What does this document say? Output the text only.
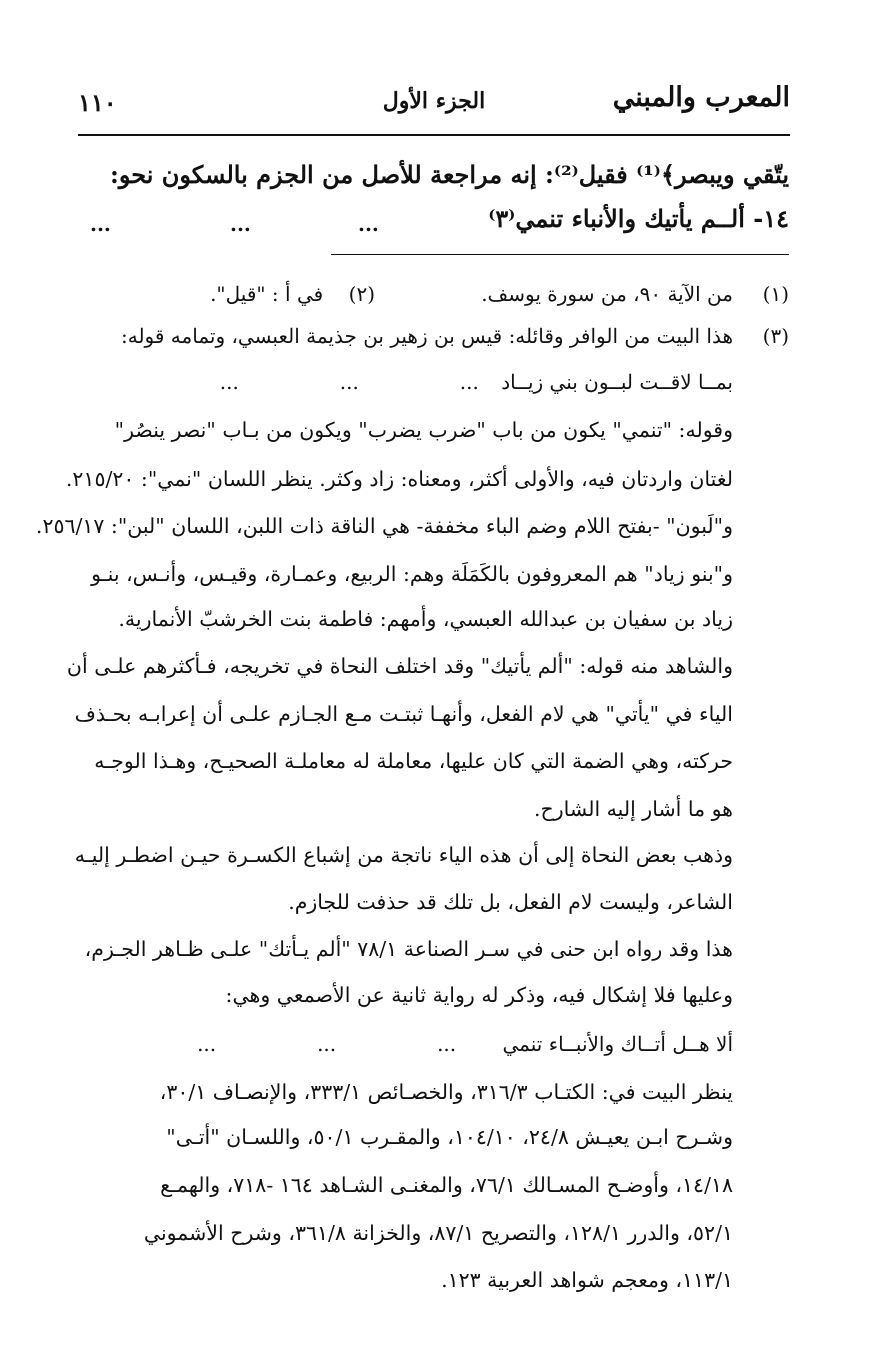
المعرب والمبني
الجزء الأول
١١٠
يتّقي ويبصر﴾⁽¹⁾ فقيل⁽²⁾: إنه مراجعة للأصل من الجزم بالسكون نحو:
١٤- ألــم يأتيك والأنباء تنمي⁽٣⁾
...	...	...
(١)
من الآية ٩٠، من سورة يوسف.
(٢)    في أ : "قيل".
(٣)
هذا البيت من الوافر وقائله: قيس بن زهير بن جذيمة العبسي، وتمامه قوله:
بمــا لاقــت لبــون بني زيــاد ...	...	...
وقوله: "تنمي" يكون من باب "ضرب يضرب" ويكون من بـاب "نصر ينصُر"
لغتان واردتان فيه، والأولى أكثر، ومعناه: زاد وكثر. ينظر اللسان "نمي": ٢١٥/٢٠.
و"لَبون" -بفتح اللام وضم الباء مخففة- هي الناقة ذات اللبن، اللسان "لبن": ٢٥٦/١٧.
و"بنو زياد" هم المعروفون بالكَمَلَة وهم: الربيع، وعمـارة، وقيـس، وأنـس، بنـو
زياد بن سفيان بن عبدالله العبسي، وأمهم: فاطمة بنت الخرشبّ الأنمارية.
والشاهد منه قوله: "ألم يأتيك" وقد اختلف النحاة في تخريجه، فـأكثرهم علـى أن
الياء في "يأتي" هي لام الفعل، وأنهـا ثبتـت مـع الجـازم علـى أن إعرابـه بحـذف
حركته، وهي الضمة التي كان عليها، معاملة له معاملـة الصحيـح، وهـذا الوجـه
هو ما أشار إليه الشارح.
وذهب بعض النحاة إلى أن هذه الياء ناتجة من إشباع الكسـرة حيـن اضطـر إليـه
الشاعر، وليست لام الفعل، بل تلك قد حذفت للجازم.
هذا وقد رواه ابن حنى في سـر الصناعة ٧٨/١ "ألم يـأتك" علـى ظـاهر الجـزم،
وعليها فلا إشكال فيه، وذكر له رواية ثانية عن الأصمعي وهي:
ألا هــل أتــاك والأنبــاء تنمي ...	...	...
ينظر البيت في: الكتـاب ٣١٦/٣، والخصـائص ٣٣٣/١، والإنصـاف ٣٠/١،
وشـرح ابـن يعيـش ٢٤/٨، ١٠٤/١٠، والمقـرب ٥٠/١، واللسـان "أتـى"
١٤/١٨، وأوضـح المسـالك ٧٦/١، والمغنـى الشـاهد ١٦٤ -٧١٨، والهمـع
٥٢/١، والدرر ١٢٨/١، والتصريح ٨٧/١، والخزانة ٣٦١/٨، وشرح الأشموني
١١٣/١، ومعجم شواهد العربية ١٢٣.
